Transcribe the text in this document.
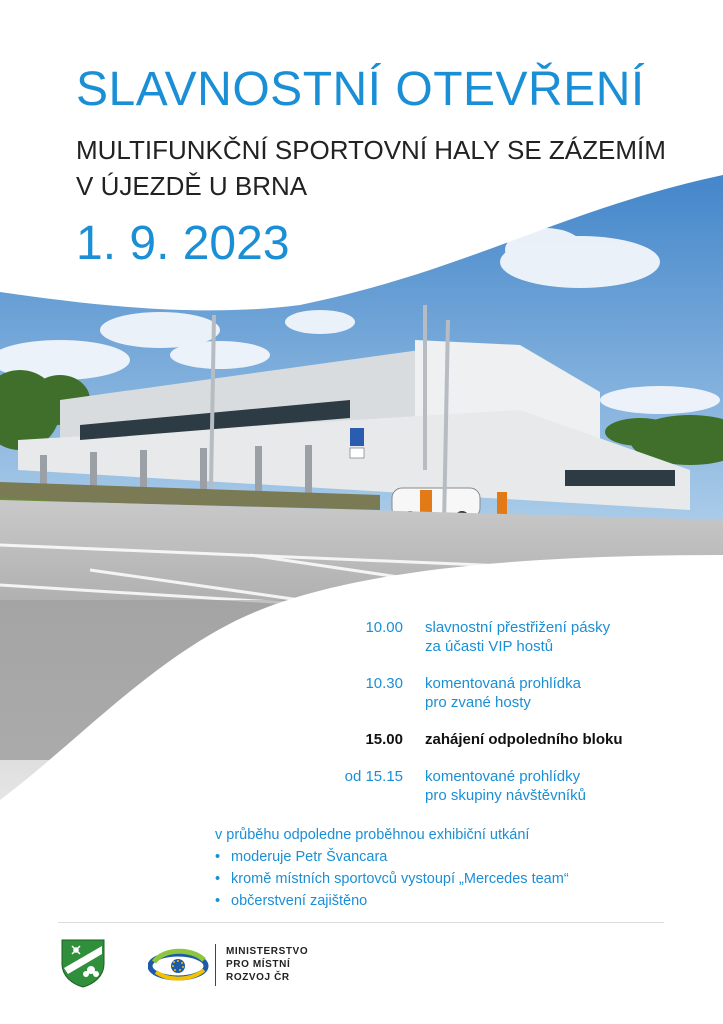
SLAVNOSTNÍ OTEVŘENÍ
MULTIFUNKČNÍ SPORTOVNÍ HALY SE ZÁZEMÍM
V ÚJEZDĚ U BRNA
1. 9. 2023
10.00	slavnostní přestřižení pásky
za účasti VIP hostů
10.30	komentovaná prohlídka
pro zvané hosty
15.00	zahájení odpoledního bloku
od 15.15	komentované prohlídky
pro skupiny návštěvníků
v průběhu odpoledne proběhnou exhibiční utkání
• moderuje Petr Švancara
• kromě místních sportovců vystoupí „Mercedes team“
• občerstvení zajištěno
MINISTERSTVO
PRO MÍSTNÍ
ROZVOJ ČR
